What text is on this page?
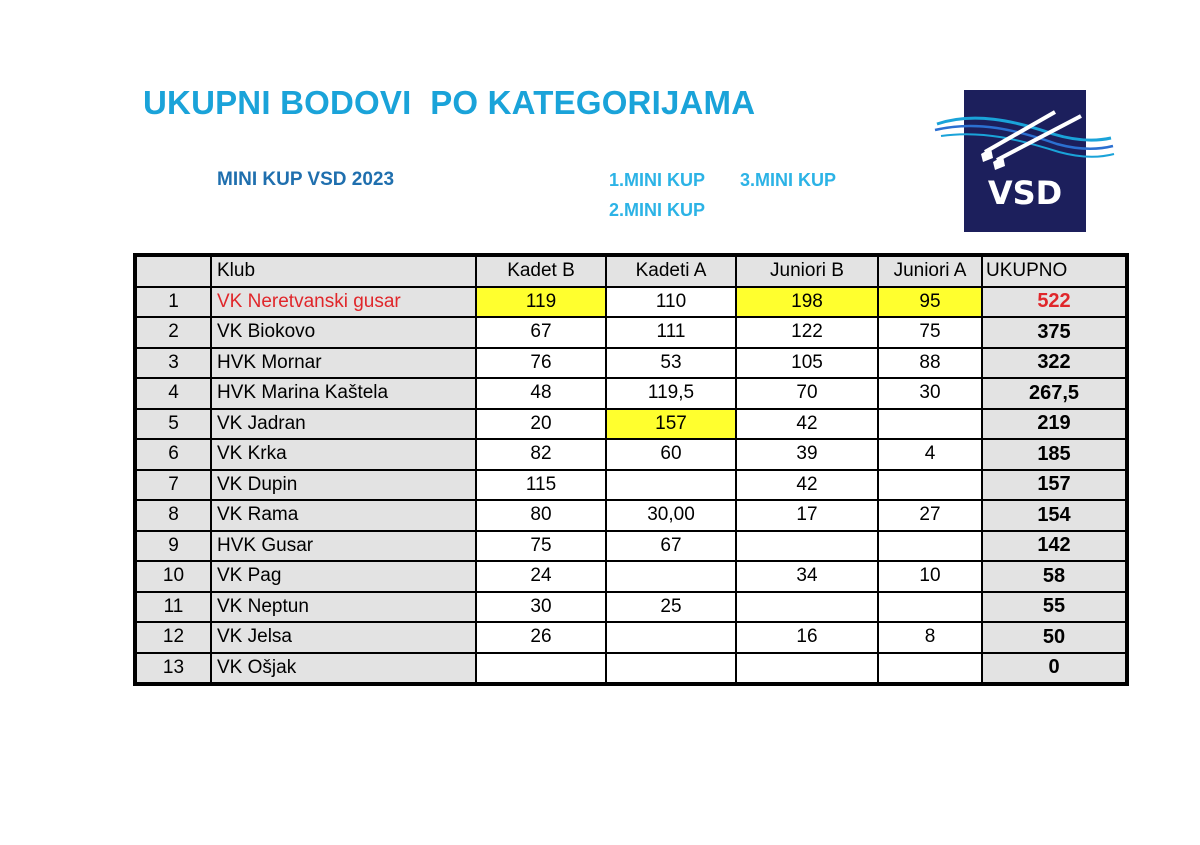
UKUPNI BODOVI  PO KATEGORIJAMA
MINI KUP VSD 2023	1.MINI KUP 3.MINI KUP
2.MINI KUP	VSD
	Klub	Kadet B	Kadeti A	Juniori B	Juniori A	UKUPNO
1	VK Neretvanski gusar	119	110	198	95	522
2	VK Biokovo	67	111	122	75	375
3	HVK Mornar	76	53	105	88	322
4	HVK Marina Kaštela	48	119,5	70	30	267,5
5	VK Jadran	20	157	42		219
6	VK Krka	82	60	39	4	185
7	VK Dupin	115		42		157
8	VK Rama	80	30,00	17	27	154
9	HVK Gusar	75	67			142
10	VK Pag	24		34	10	58
11	VK Neptun	30	25			55
12	VK Jelsa	26		16	8	50
13	VK Ošjak					0
